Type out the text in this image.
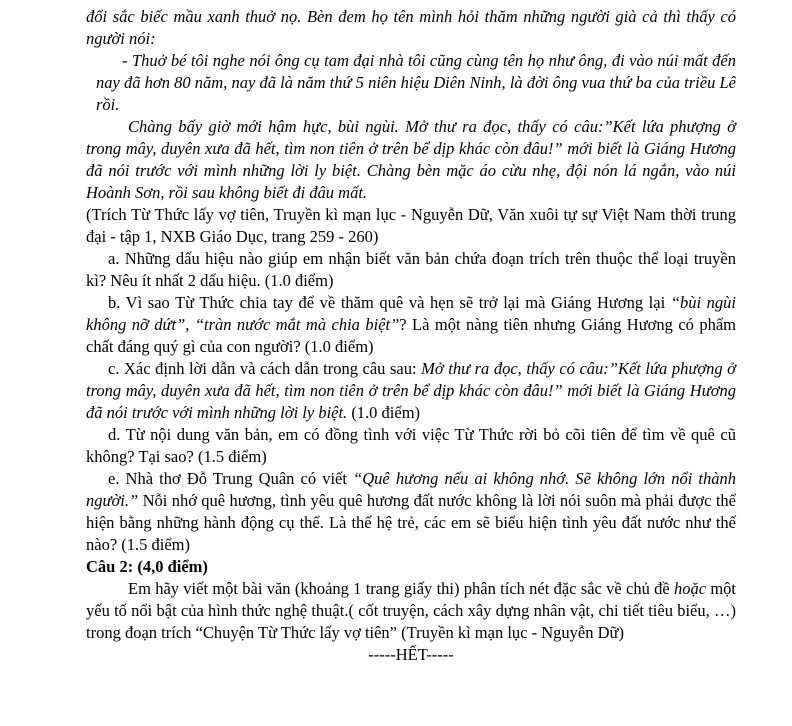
đổi sắc biếc mầu xanh thuở nọ. Bèn đem họ tên mình hỏi thăm những người già cả thì thấy có người nói:

- Thuở bé tôi nghe nói ông cụ tam đại nhà tôi cũng cùng tên họ như ông, đi vào núi mất đến nay đã hơn 80 năm, nay đã là năm thứ 5 niên hiệu Diên Ninh, là đời ông vua thứ ba của triều Lê rồi.

Chàng bấy giờ mới hậm hực, bùi ngùi. Mở thư ra đọc, thấy có câu:”Kết lứa phượng ở trong mây, duyên xưa đã hết, tìm non tiên ở trên bể dịp khác còn đâu!” mới biết là Giáng Hương đã nói trước với mình những lời ly biệt. Chàng bèn mặc áo cừu nhẹ, đội nón lá ngắn, vào núi Hoành Sơn, rồi sau không biết đi đâu mất.

(Trích Từ Thức lấy vợ tiên, Truyền kì mạn lục - Nguyễn Dữ, Văn xuôi tự sự Việt Nam thời trung đại - tập 1, NXB Giáo Dục, trang 259 - 260)

a. Những dấu hiệu nào giúp em nhận biết văn bản chứa đoạn trích trên thuộc thể loại truyền kì? Nêu ít nhất 2 dấu hiệu. (1.0 điểm)

b. Vì sao Từ Thức chia tay để về thăm quê và hẹn sẽ trở lại mà Giáng Hương lại “bùi ngùi không nỡ dứt”, “tràn nước mắt mà chia biệt”? Là một nàng tiên nhưng Giáng Hương có phẩm chất đáng quý gì của con người? (1.0 điểm)

c. Xác định lời dẫn và cách dẫn trong câu sau: Mở thư ra đọc, thấy có câu:”Kết lứa phượng ở trong mây, duyên xưa đã hết, tìm non tiên ở trên bể dịp khác còn đâu!” mới biết là Giáng Hương đã nói trước với mình những lời ly biệt. (1.0 điểm)

d. Từ nội dung văn bản, em có đồng tình với việc Từ Thức rời bỏ cõi tiên để tìm về quê cũ không? Tại sao? (1.5 điểm)

e. Nhà thơ Đỗ Trung Quân có viết “Quê hương nếu ai không nhớ. Sẽ không lớn nổi thành người.” Nỗi nhớ quê hương, tình yêu quê hương đất nước không là lời nói suôn mà phải được thể hiện bằng những hành động cụ thể. Là thế hệ trẻ, các em sẽ biểu hiện tình yêu đất nước như thế nào? (1.5 điểm)

Câu 2: (4,0 điểm)

Em hãy viết một bài văn (khoảng 1 trang giấy thi) phân tích nét đặc sắc về chủ đề hoặc một yếu tố nổi bật của hình thức nghệ thuật.( cốt truyện, cách xây dựng nhân vật, chi tiết tiêu biểu, …) trong đoạn trích “Chuyện Từ Thức lấy vợ tiên” (Truyền kì mạn lục - Nguyễn Dữ)

-----HẾT-----
